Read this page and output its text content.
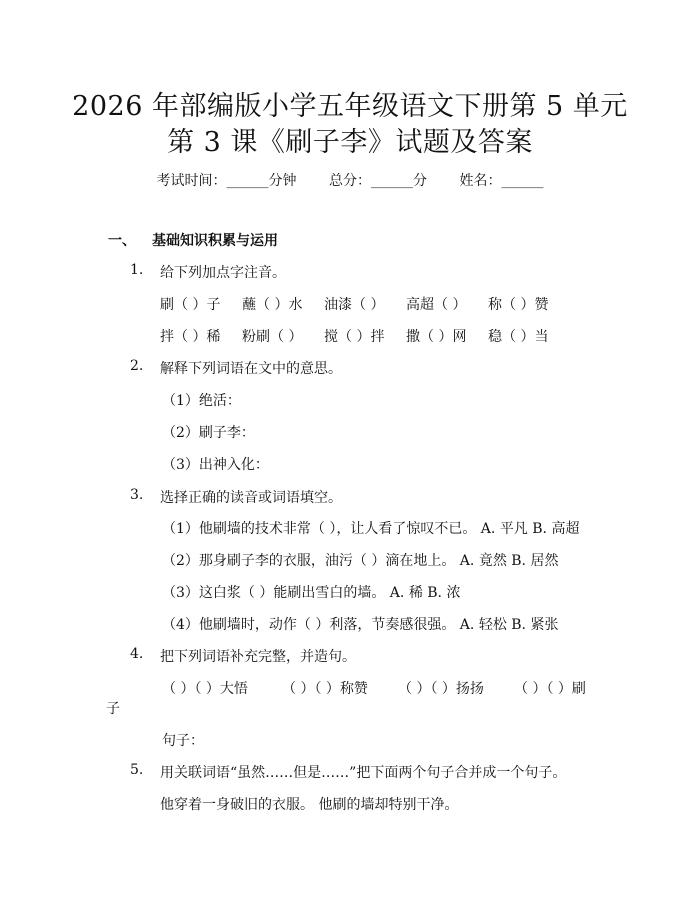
2026 年部编版小学五年级语文下册第 5 单元
第 3 课《刷子李》试题及答案
考试时间：______分钟 总分：______分 姓名：______
一、 基础知识积累与运用
1. 给下列加点字注音。
刷（ ）子 蘸（ ）水 油漆（ ） 高超（ ） 称（ ）赞
拌（ ）稀 粉刷（ ） 搅（ ）拌 撒（ ）网 稳（ ）当
2. 解释下列词语在文中的意思。
（1）绝活：
（2）刷子李：
（3）出神入化：
3. 选择正确的读音或词语填空。
（1）他刷墙的技术非常（ ），让人看了惊叹不已。 A. 平凡 B. 高超
（2）那身刷子李的衣服，油污（ ）滴在地上。 A. 竟然 B. 居然
（3）这白浆（ ）能刷出雪白的墙。 A. 稀 B. 浓
（4）他刷墙时，动作（ ）利落，节奏感很强。 A. 轻松 B. 紧张
4. 把下列词语补充完整，并造句。
（ ）（ ）大悟 （ ）（ ）称赞 （ ）（ ）扬扬 （ ）（ ）刷
子
句子：
5. 用关联词语“虽然……但是……”把下面两个句子合并成一个句子。
他穿着一身破旧的衣服。 他刷的墙却特别干净。
